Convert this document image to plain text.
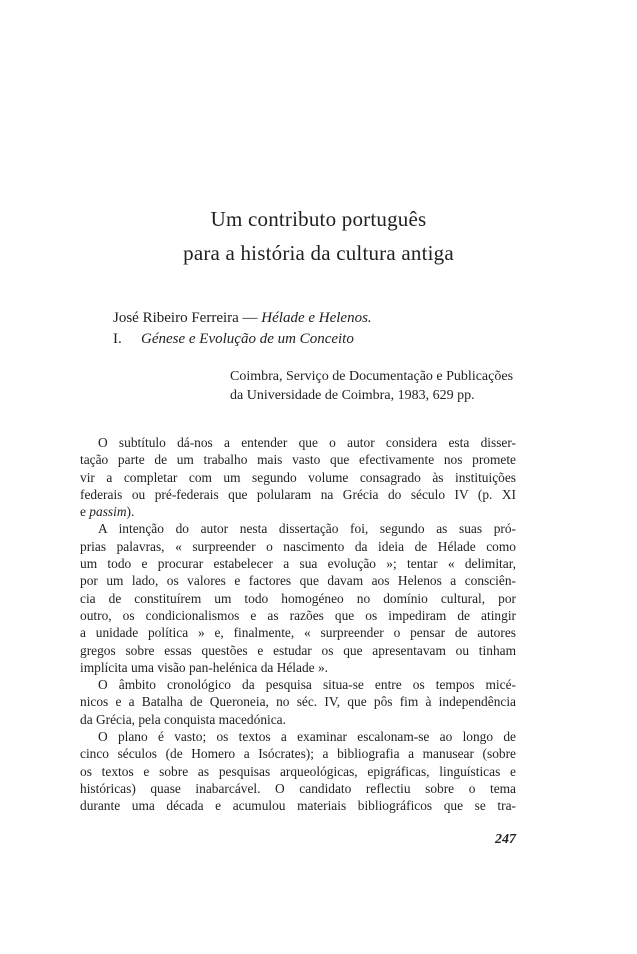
Um contributo português
para a história da cultura antiga
José Ribeiro Ferreira — Hélade e Helenos.
I. Génese e Evolução de um Conceito
Coimbra, Serviço de Documentação e Publicações
da Universidade de Coimbra, 1983, 629 pp.
O subtítulo dá-nos a entender que o autor considera esta disser-
tação parte de um trabalho mais vasto que efectivamente nos promete
vir a completar com um segundo volume consagrado às instituições
federais ou pré-federais que polularam na Grécia do século IV (p. XI
e passim).
A intenção do autor nesta dissertação foi, segundo as suas pró-
prias palavras, « surpreender o nascimento da ideia de Hélade como
um todo e procurar estabelecer a sua evolução »; tentar « delimitar,
por um lado, os valores e factores que davam aos Helenos a consciên-
cia de constituírem um todo homogéneo no domínio cultural, por
outro, os condicionalismos e as razões que os impediram de atingir
a unidade política » e, finalmente, « surpreender o pensar de autores
gregos sobre essas questões e estudar os que apresentavam ou tinham
implícita uma visão pan-helénica da Hélade ».
O âmbito cronológico da pesquisa situa-se entre os tempos micé-
nicos e a Batalha de Queroneia, no séc. IV, que pôs fim à independência
da Grécia, pela conquista macedónica.
O plano é vasto; os textos a examinar escalonam-se ao longo de
cinco séculos (de Homero a Isócrates); a bibliografia a manusear (sobre
os textos e sobre as pesquisas arqueológicas, epigráficas, linguísticas e
históricas) quase inabarcável. O candidato reflectiu sobre o tema
durante uma década e acumulou materiais bibliográficos que se tra-
247
